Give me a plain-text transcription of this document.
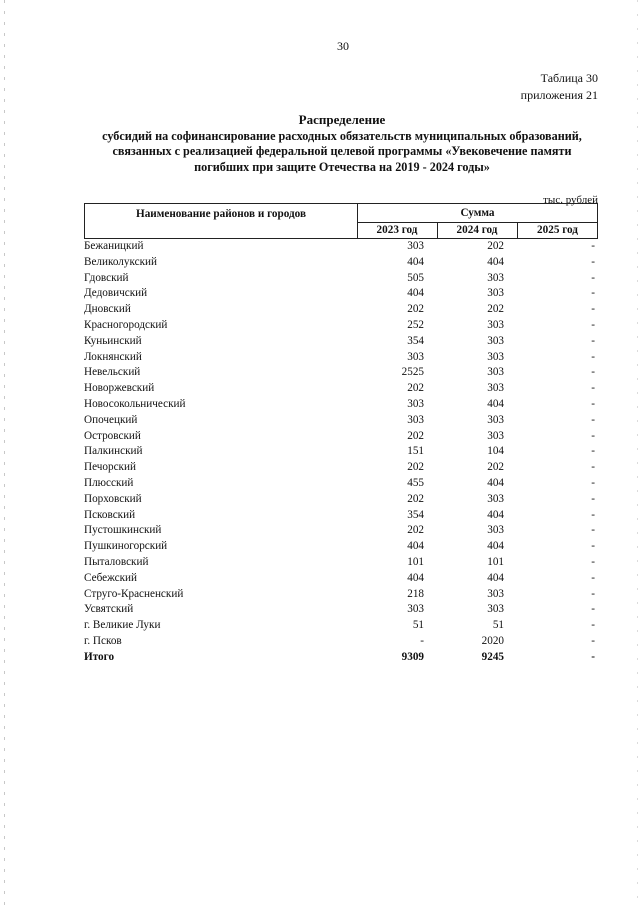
30
Таблица 30
приложения 21
Распределение
субсидий на софинансирование расходных обязательств муниципальных образований,
связанных с реализацией федеральной целевой программы «Увековечение памяти
погибших при защите Отечества на 2019 - 2024 годы»
тыс. рублей
Наименование районов и городов	Сумма
2023 год	2024 год	2025 год
Бежаницкий	303	202	-
Великолукский	404	404	-
Гдовский	505	303	-
Дедовичский	404	303	-
Дновский	202	202	-
Красногородский	252	303	-
Куньинский	354	303	-
Локнянский	303	303	-
Невельский	2525	303	-
Новоржевский	202	303	-
Новосокольнический	303	404	-
Опочецкий	303	303	-
Островский	202	303	-
Палкинский	151	104	-
Печорский	202	202	-
Плюсский	455	404	-
Порховский	202	303	-
Псковский	354	404	-
Пустошкинский	202	303	-
Пушкиногорский	404	404	-
Пыталовский	101	101	-
Себежский	404	404	-
Струго-Красненский	218	303	-
Усвятский	303	303	-
г. Великие Луки	51	51	-
г. Псков	-	2020	-
Итого	9309	9245	-
